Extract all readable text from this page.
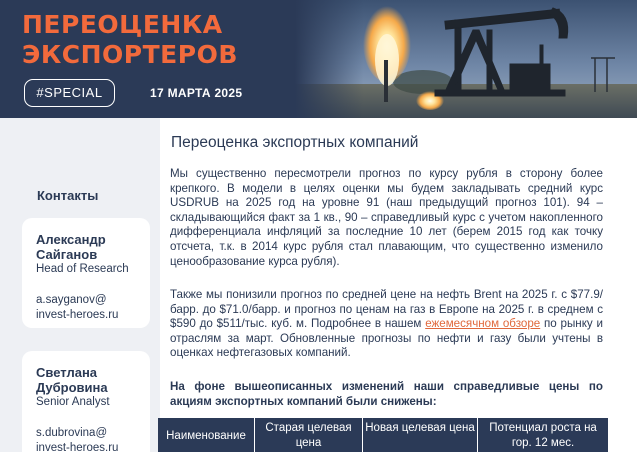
ПЕРЕОЦЕНКА
ЭКСПОРТЕРОВ
#SPECIAL	17 МАРТА 2025
Контакты
Александр
Сайганов
Head of Research
a.sayganov@
invest-heroes.ru
Светлана
Дубровина
Senior Analyst
s.dubrovina@
invest-heroes.ru
Переоценка экспортных компаний

Мы существенно пересмотрели прогноз по курсу рубля в сторону более крепкого. В модели в целях оценки мы будем закладывать средний курс USDRUB на 2025 год на уровне 91 (наш предыдущий прогноз 101). 94 – складывающийся факт за 1 кв., 90 – справедливый курс с учетом накопленного дифференциала инфляций за последние 10 лет (берем 2015 год как точку отсчета, т.к. в 2014 курс рубля стал плавающим, что существенно изменило ценообразование курса рубля).

Также мы понизили прогноз по средней цене на нефть Brent на 2025 г. с $77.9/барр. до $71.0/барр. и прогноз по ценам на газ в Европе на 2025 г. в среднем с $590 до $511/тыс. куб. м. Подробнее в нашем ежемесячном обзоре по рынку и отраслям за март. Обновленные прогнозы по нефти и газу были учтены в оценках нефтегазовых компаний.

На фоне вышеописанных изменений наши справедливые цены по акциям экспортных компаний были снижены:

Наименование
Старая целевая цена
Новая целевая цена	Потенциал роста на гор. 12 мес.
